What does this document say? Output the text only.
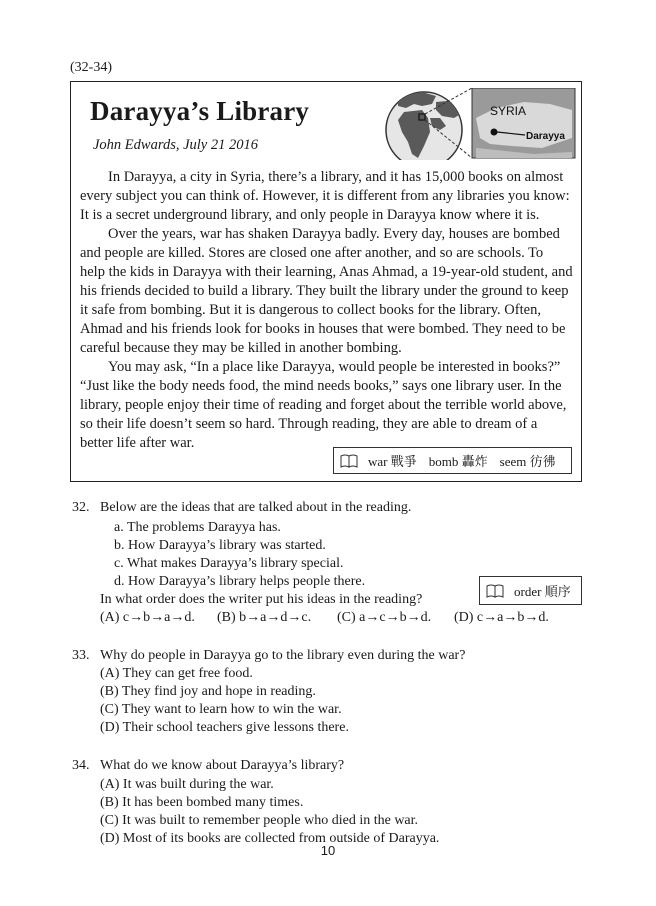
(32-34)
Darayya’s Library
John Edwards, July 21 2016
SYRIA
Darayya
In Darayya, a city in Syria, there’s a library, and it has 15,000 books on almost
every subject you can think of. However, it is different from any libraries you know:
It is a secret underground library, and only people in Darayya know where it is.
Over the years, war has shaken Darayya badly. Every day, houses are bombed
and people are killed. Stores are closed one after another, and so are schools. To
help the kids in Darayya with their learning, Anas Ahmad, a 19-year-old student, and
his friends decided to build a library. They built the library under the ground to keep
it safe from bombing. But it is dangerous to collect books for the library. Often,
Ahmad and his friends look for books in houses that were bombed. They need to be
careful because they may be killed in another bombing.
You may ask, “In a place like Darayya, would people be interested in books?”
“Just like the body needs food, the mind needs books,” says one library user. In the
library, people enjoy their time of reading and forget about the terrible world above,
so their life doesn’t seem so hard. Through reading, they are able to dream of a
better life after war.
war 戰爭 bomb 轟炸 seem 彷彿
32. Below are the ideas that are talked about in the reading.
a. The problems Darayya has.
b. How Darayya’s library was started.
c. What makes Darayya’s library special.
d. How Darayya’s library helps people there.
In what order does the writer put his ideas in the reading?
order 順序
(A) c→b→a→d. (B) b→a→d→c. (C) a→c→b→d. (D) c→a→b→d.
33. Why do people in Darayya go to the library even during the war?
(A) They can get free food.
(B) They find joy and hope in reading.
(C) They want to learn how to win the war.
(D) Their school teachers give lessons there.
34. What do we know about Darayya’s library?
(A) It was built during the war.
(B) It has been bombed many times.
(C) It was built to remember people who died in the war.
(D) Most of its books are collected from outside of Darayya.
10
